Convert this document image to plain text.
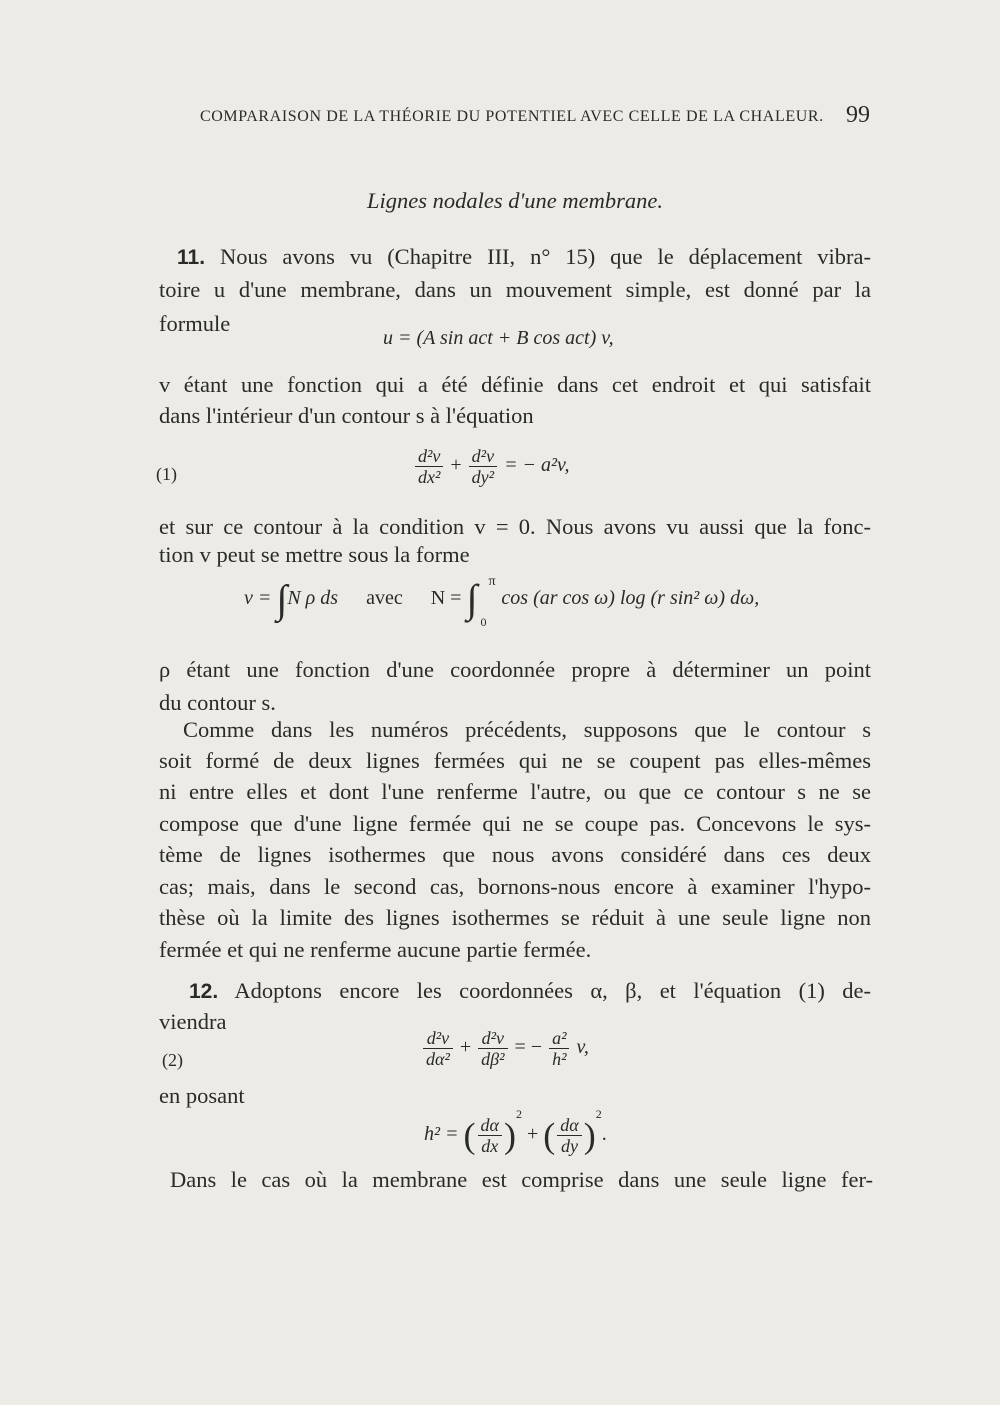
COMPARAISON DE LA THÉORIE DU POTENTIEL AVEC CELLE DE LA CHALEUR. 99
Lignes nodales d'une membrane.
11. Nous avons vu (Chapitre III, n° 15) que le déplacement vibra-
toire u d'une membrane, dans un mouvement simple, est donné par la
formule
u = (A sin act + B cos act) v,
v étant une fonction qui a été définie dans cet endroit et qui satisfait
dans l'intérieur d'un contour s à l'équation
(1)	$\frac{\text{d²v}}{\text{dx²}} + \frac{\text{d²v}}{\text{dy²}}$ = − a²v,
et sur ce contour à la condition v = 0. Nous avons vu aussi que la fonc-
tion v peut se mettre sous la forme
v = ∫N ρ ds avec N = ∫ π
0
cos (ar cos ω) log (r sin² ω) dω,
ρ étant une fonction d'une coordonnée propre à déterminer un point
du contour s.
Comme dans les numéros précédents, supposons que le contour s
soit formé de deux lignes fermées qui ne se coupent pas elles-mêmes
ni entre elles et dont l'une renferme l'autre, ou que ce contour s ne se
compose que d'une ligne fermée qui ne se coupe pas. Concevons le sys-
tème de lignes isothermes que nous avons considéré dans ces deux
cas; mais, dans le second cas, bornons-nous encore à examiner l'hypo-
thèse où la limite des lignes isothermes se réduit à une seule ligne non
fermée et qui ne renferme aucune partie fermée.
12. Adoptons encore les coordonnées α, β, et l'équation (1) de-
viendra
(2)	$\frac{\text{d²v}}{\text{dα²}} + \frac{\text{d²v}}{\text{dβ²}}$ = − $\frac{\text{a²}}{\text{h²}} v$,
en posant
h² = ( $\frac{d\alpha}{dx} )^2$ + ( $\frac{d\alpha}{dy} )^2$.
Dans le cas où la membrane est comprise dans une seule ligne fer-
